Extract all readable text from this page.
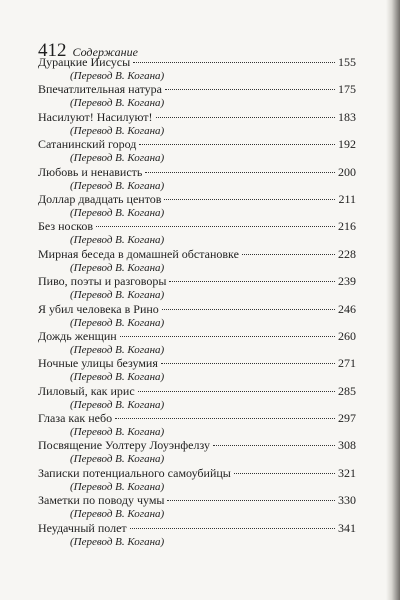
412 Содержание
Дурацкие Иисусы	155
(Перевод В. Когана)
Впечатлительная натура	175
(Перевод В. Когана)
Насилуют! Насилуют!	183
(Перевод В. Когана)
Сатанинский город	192
(Перевод В. Когана)
Любовь и ненависть	200
(Перевод В. Когана)
Доллар двадцать центов	211
(Перевод В. Когана)
Без носков	216
(Перевод В. Когана)
Мирная беседа в домашней обстановке	228
(Перевод В. Когана)
Пиво, поэты и разговоры	239
(Перевод В. Когана)
Я убил человека в Рино	246
(Перевод В. Когана)
Дождь женщин	260
(Перевод В. Когана)
Ночные улицы безумия	271
(Перевод В. Когана)
Лиловый, как ирис	285
(Перевод В. Когана)
Глаза как небо	297
(Перевод В. Когана)
Посвящение Уолтеру Лоуэнфелзу	308
(Перевод В. Когана)
Записки потенциального самоубийцы	321
(Перевод В. Когана)
Заметки по поводу чумы	330
(Перевод В. Когана)
Неудачный полет	341
(Перевод В. Когана)
